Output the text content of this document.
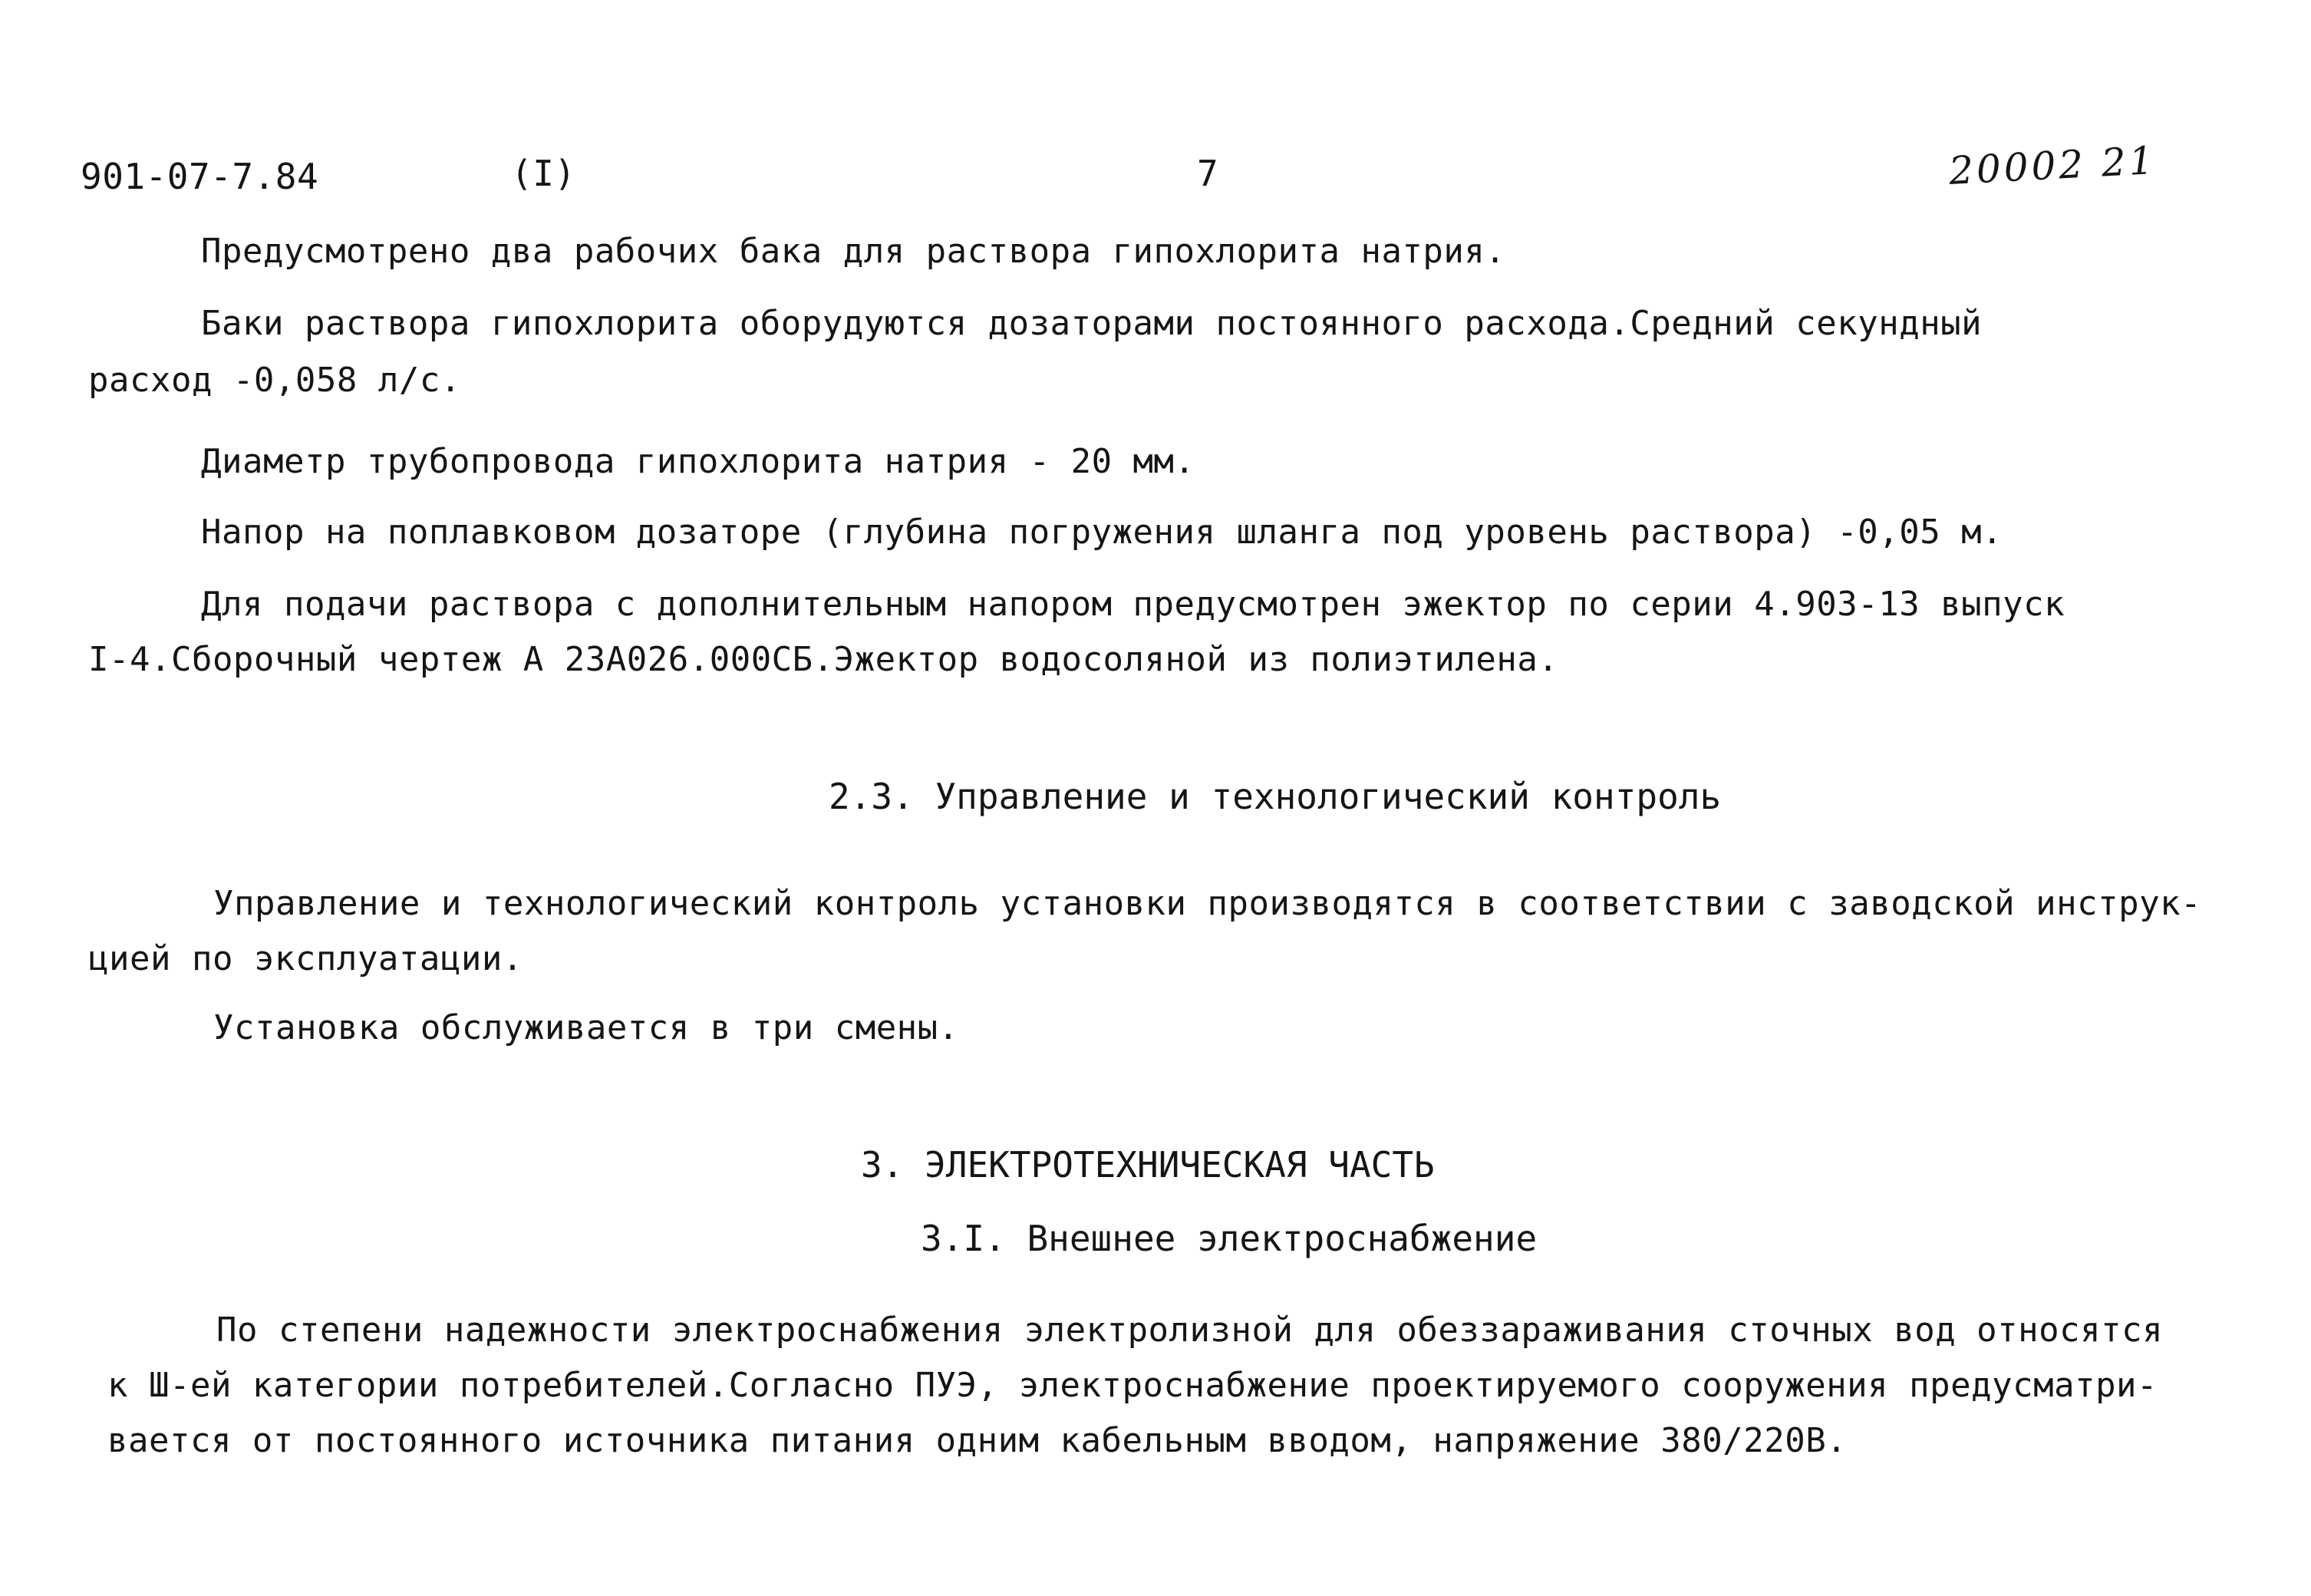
901-07-7.84	(I)	7	20002 21
Предусмотрено два рабочих бака для раствора гипохлорита натрия.
Баки раствора гипохлорита оборудуются дозаторами постоянного расхода.Средний секундный
расход -0,058 л/с.
Диаметр трубопровода гипохлорита натрия - 20 мм.
Напор на поплавковом дозаторе (глубина погружения шланга под уровень раствора) -0,05 м.
Для подачи раствора с дополнительным напором предусмотрен эжектор по серии 4.903-13 выпуск
I-4.Сборочный чертеж А 23А026.000СБ.Эжектор водосоляной из полиэтилена.
2.3. Управление и технологический контроль
Управление и технологический контроль установки производятся в соответствии с заводской инструк-
цией по эксплуатации.
Установка обслуживается в три смены.
3. ЭЛЕКТРОТЕХНИЧЕСКАЯ ЧАСТЬ
3.I. Внешнее электроснабжение
По степени надежности электроснабжения электролизной для обеззараживания сточных вод относятся
к Ш-ей категории потребителей.Согласно ПУЭ, электроснабжение проектируемого сооружения предусматри-
вается от постоянного источника питания одним кабельным вводом, напряжение 380/220В.
